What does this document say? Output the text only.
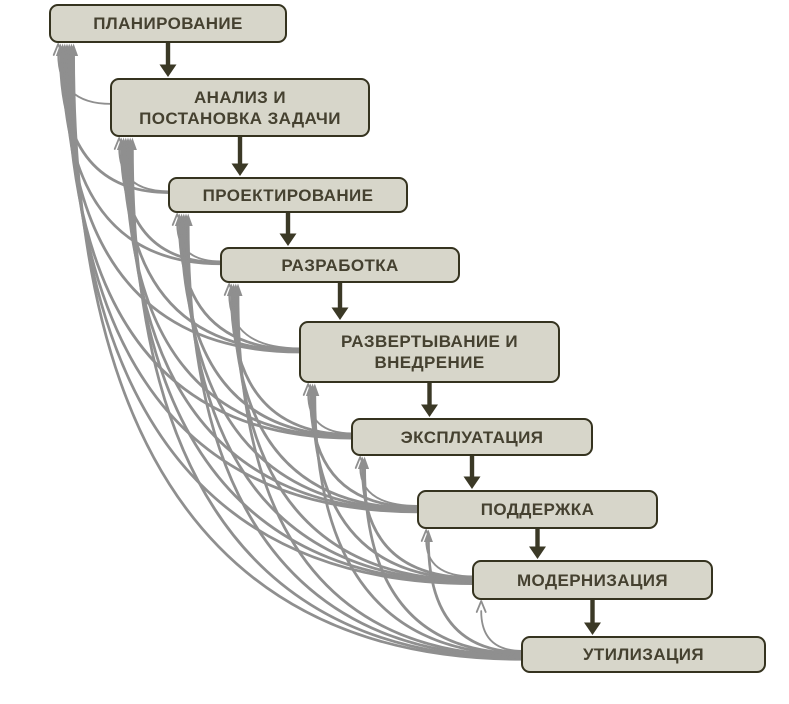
ПЛАНИРОВАНИЕ
АНАЛИЗ И
ПОСТАНОВКА ЗАДАЧИ
ПРОЕКТИРОВАНИЕ
РАЗРАБОТКА
РАЗВЕРТЫВАНИЕ И
ВНЕДРЕНИЕ
ЭКСПЛУАТАЦИЯ
ПОДДЕРЖКА
МОДЕРНИЗАЦИЯ
УТИЛИЗАЦИЯ
